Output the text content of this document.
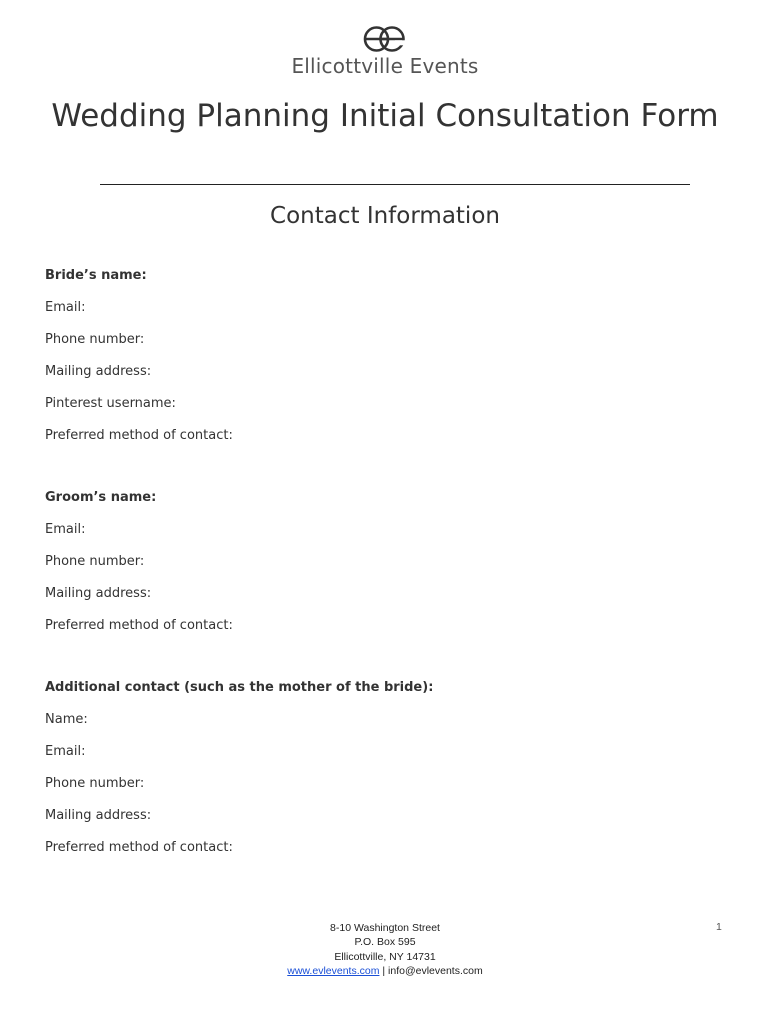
Ellicottville Events
Wedding Planning Initial Consultation Form
Contact Information
Bride’s name:
Email:
Phone number:
Mailing address:
Pinterest username:
Preferred method of contact:
Groom’s name:
Email:
Phone number:
Mailing address:
Preferred method of contact:
Additional contact (such as the mother of the bride):
Name:
Email:
Phone number:
Mailing address:
Preferred method of contact:
8-10 Washington Street
P.O. Box 595
Ellicottville, NY 14731
www.evlevents.com | info@evlevents.com
1
